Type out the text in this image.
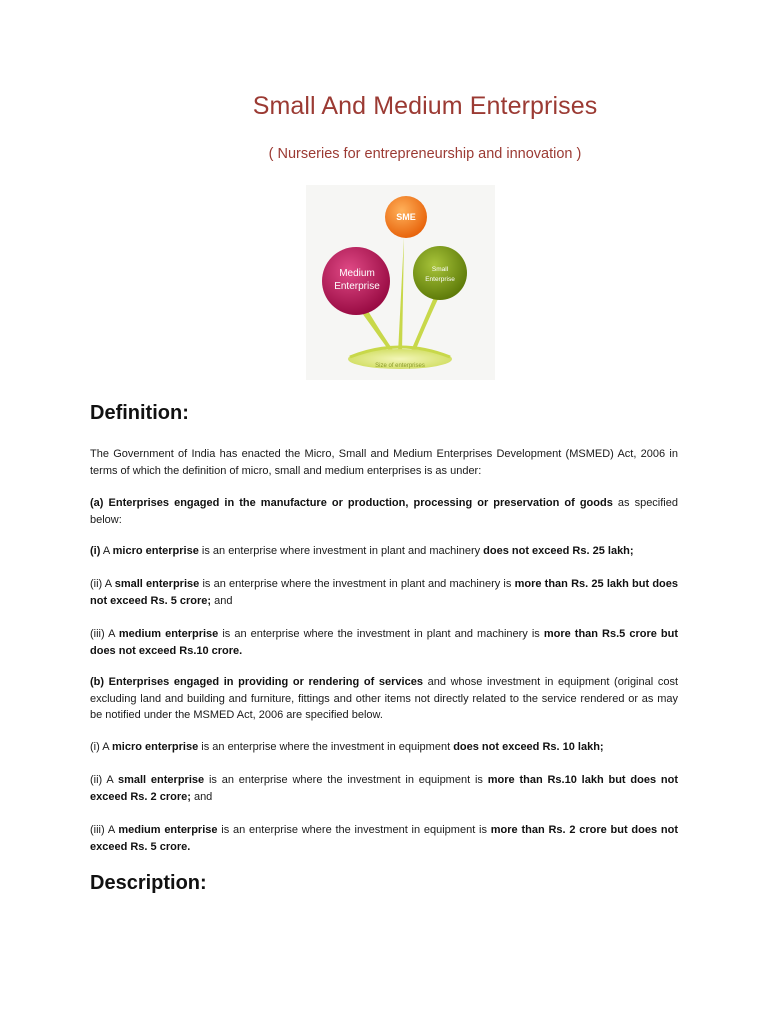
Small And Medium Enterprises

( Nurseries for entrepreneurship and innovation )

SME
Medium
Enterprise
Small
Enterprise
Size of enterprises
Definition:

The Government of India has enacted the Micro, Small and Medium Enterprises Development (MSMED) Act, 2006 in terms of which the definition of micro, small and medium enterprises is as under:

(a) Enterprises engaged in the manufacture or production, processing or preservation of goods as specified below:

(i) A micro enterprise is an enterprise where investment in plant and machinery does not exceed Rs. 25 lakh;

(ii) A small enterprise is an enterprise where the investment in plant and machinery is more than Rs. 25 lakh but does not exceed Rs. 5 crore; and

(iii) A medium enterprise is an enterprise where the investment in plant and machinery is more than Rs.5 crore but does not exceed Rs.10 crore.

(b) Enterprises engaged in providing or rendering of services and whose investment in equipment (original cost excluding land and building and furniture, fittings and other items not directly related to the service rendered or as may be notified under the MSMED Act, 2006 are specified below.

(i) A micro enterprise is an enterprise where the investment in equipment does not exceed Rs. 10 lakh;

(ii) A small enterprise is an enterprise where the investment in equipment is more than Rs.10 lakh but does not exceed Rs. 2 crore; and

(iii) A medium enterprise is an enterprise where the investment in equipment is more than Rs. 2 crore but does not exceed Rs. 5 crore.

Description:
